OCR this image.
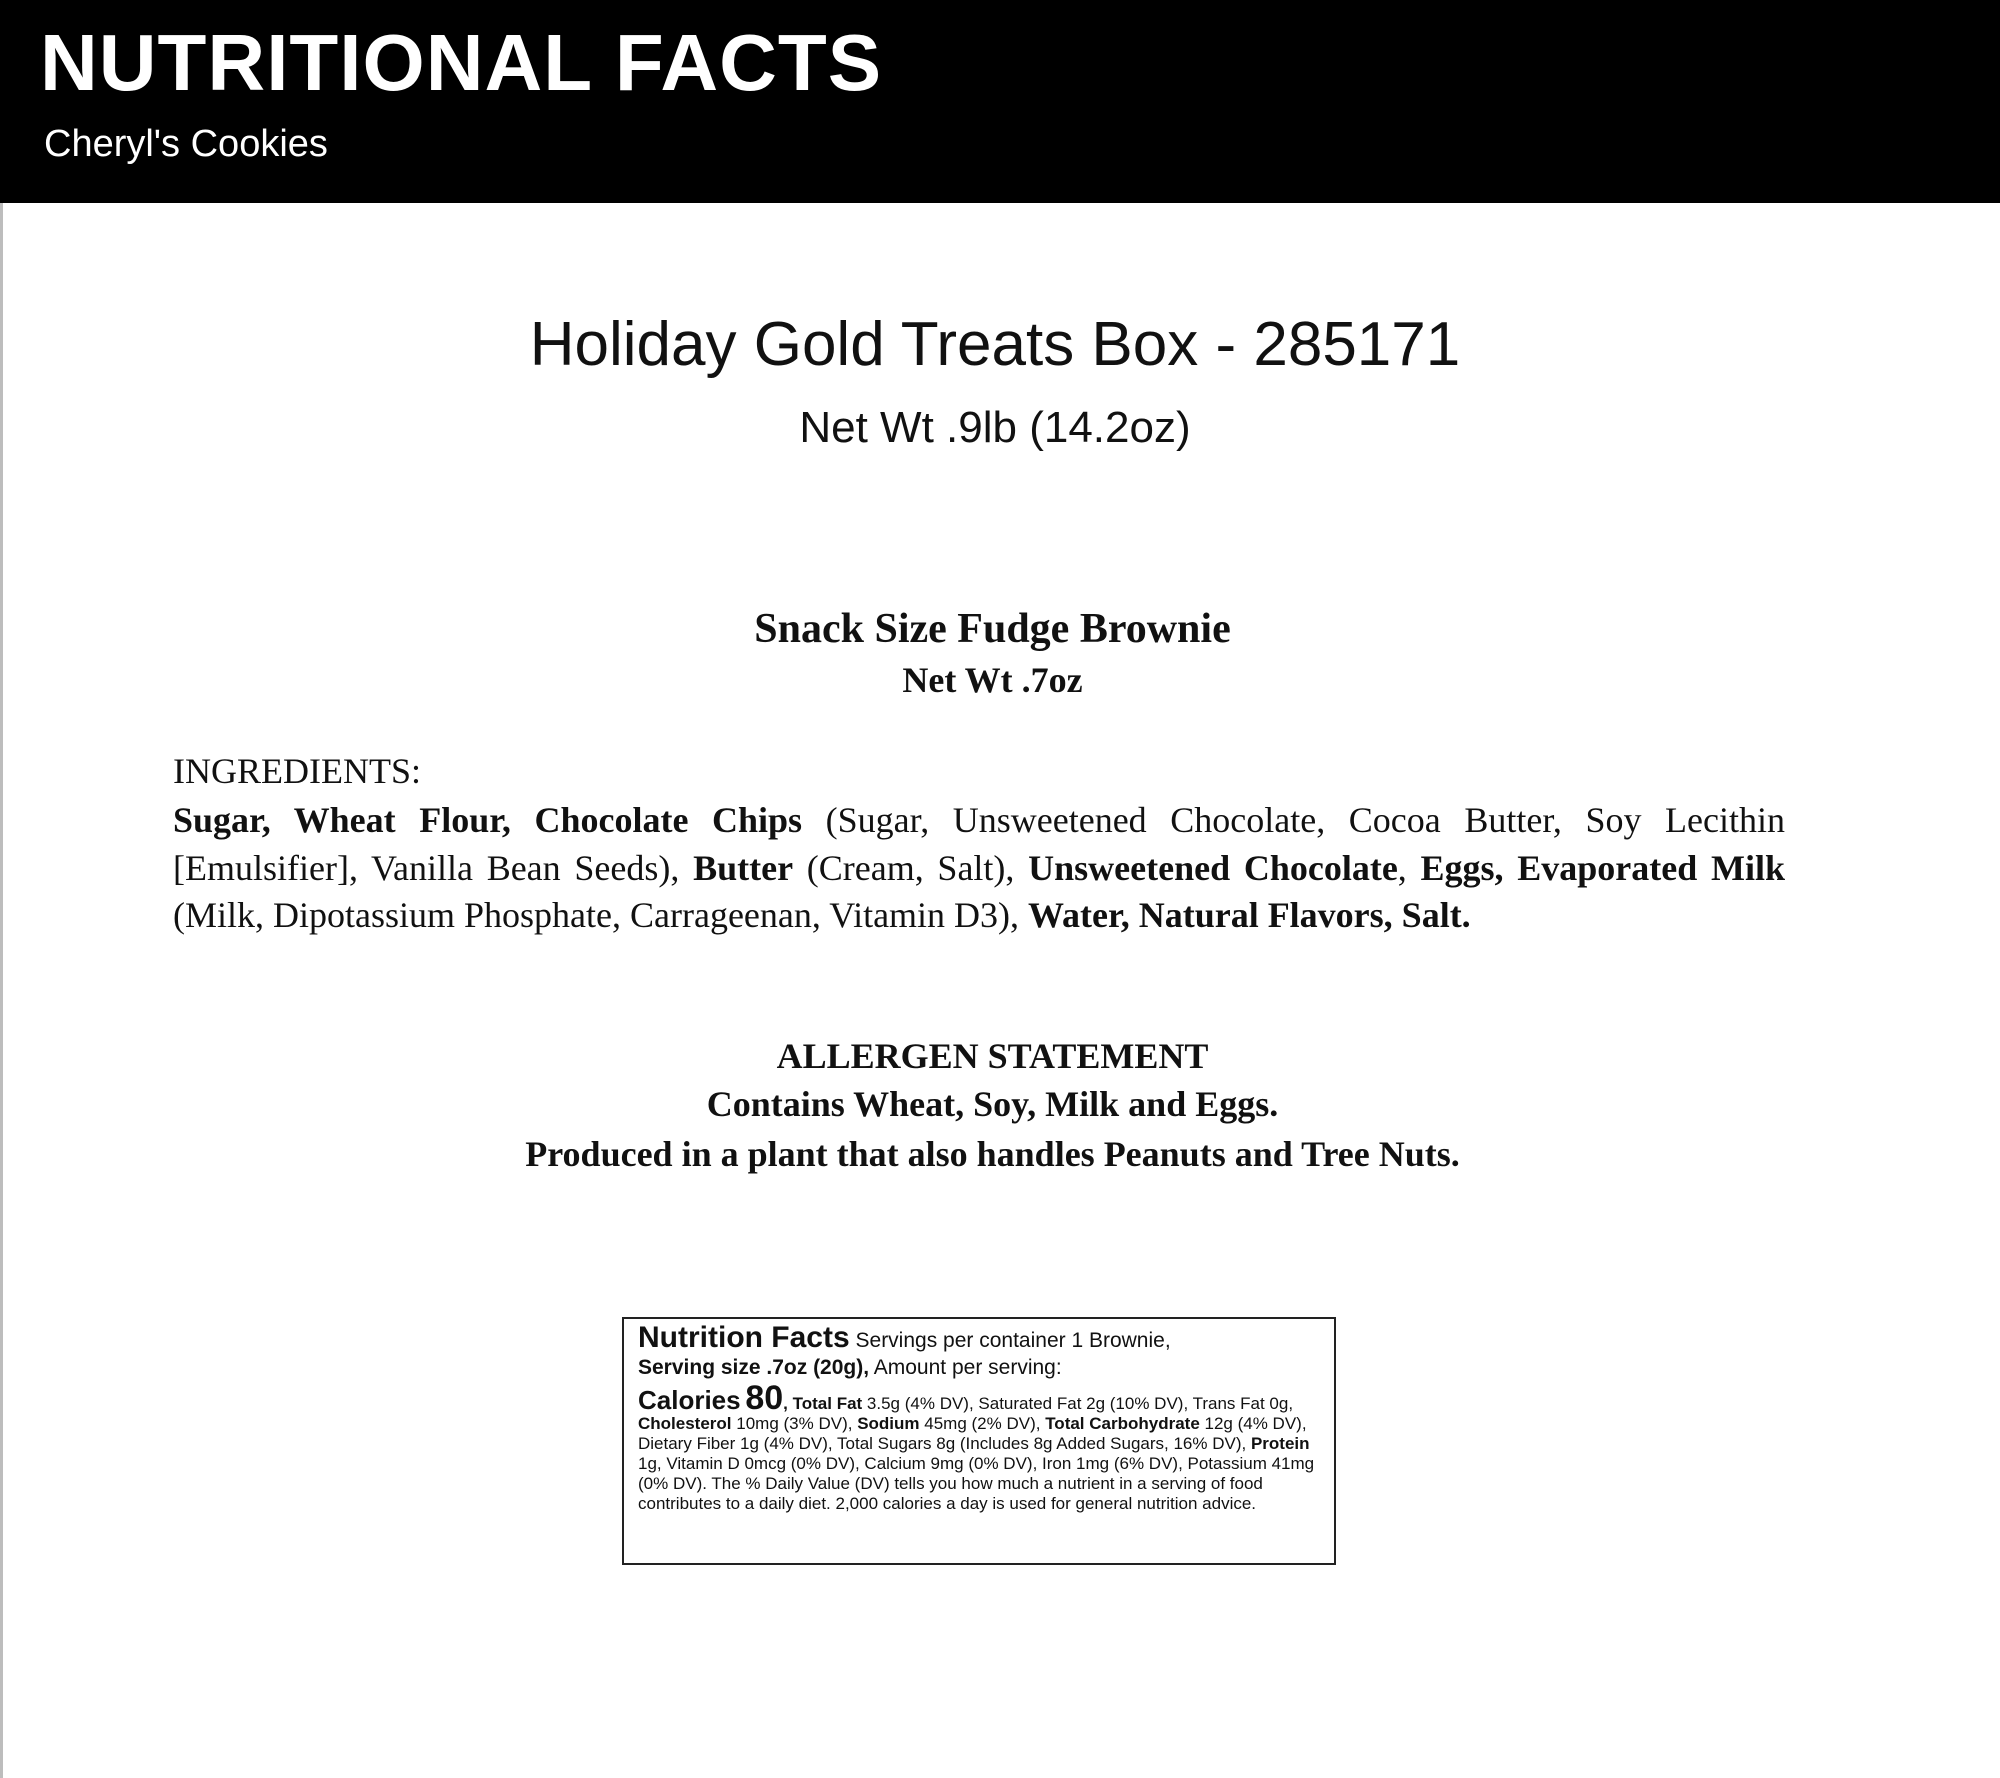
NUTRITIONAL FACTS
Cheryl's Cookies
Holiday Gold Treats Box - 285171
Net Wt .9lb (14.2oz)
Snack Size Fudge Brownie
Net Wt .7oz
INGREDIENTS:
Sugar, Wheat Flour, Chocolate Chips (Sugar, Unsweetened Chocolate, Cocoa Butter, Soy Lecithin [Emulsifier], Vanilla Bean Seeds), Butter (Cream, Salt), Unsweetened Chocolate, Eggs, Evaporated Milk (Milk, Dipotassium Phosphate, Carrageenan, Vitamin D3), Water, Natural Flavors, Salt.
ALLERGEN STATEMENT
Contains Wheat, Soy, Milk and Eggs.
Produced in a plant that also handles Peanuts and Tree Nuts.
Nutrition Facts Servings per container 1 Brownie,
Serving size .7oz (20g), Amount per serving:
Calories 80, Total Fat 3.5g (4% DV), Saturated Fat 2g (10% DV), Trans Fat 0g, Cholesterol 10mg (3% DV), Sodium 45mg (2% DV), Total Carbohydrate 12g (4% DV), Dietary Fiber 1g (4% DV), Total Sugars 8g (Includes 8g Added Sugars, 16% DV), Protein 1g, Vitamin D 0mcg (0% DV), Calcium 9mg (0% DV), Iron 1mg (6% DV), Potassium 41mg (0% DV). The % Daily Value (DV) tells you how much a nutrient in a serving of food contributes to a daily diet. 2,000 calories a day is used for general nutrition advice.
